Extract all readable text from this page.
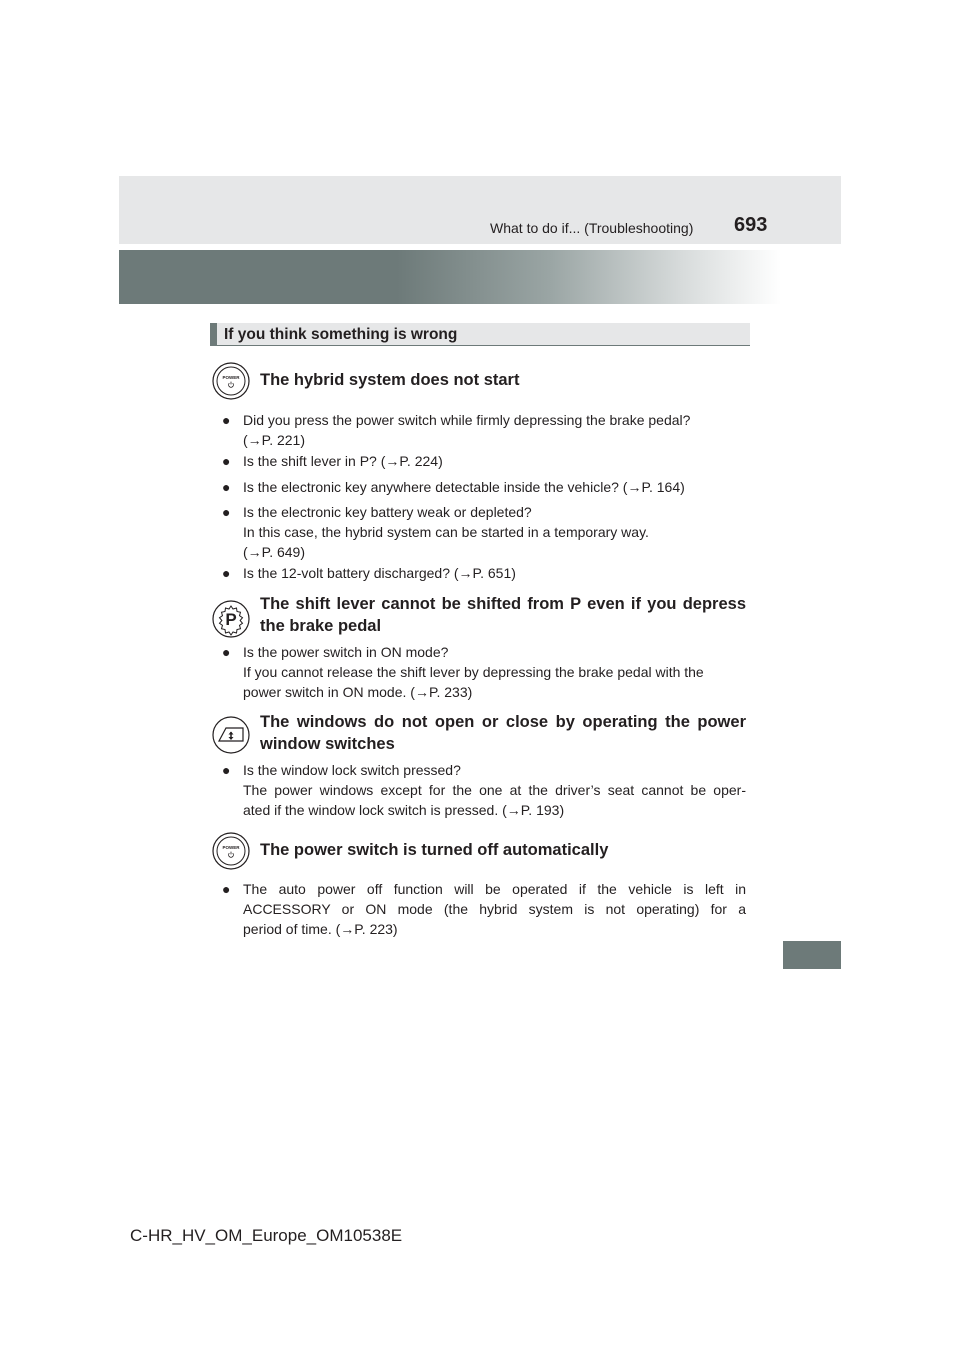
What to do if... (Troubleshooting) 693
If you think something is wrong
POWER The hybrid system does not start
● Did you press the power switch while firmly depressing the brake pedal?
(→P. 221)
● Is the shift lever in P? (→P. 224)
● Is the electronic key anywhere detectable inside the vehicle? (→P. 164)
● Is the electronic key battery weak or depleted?
In this case, the hybrid system can be started in a temporary way.
(→P. 649)
● Is the 12-volt battery discharged? (→P. 651)
P
The shift lever cannot be shifted from P even if you depress
the brake pedal
● Is the power switch in ON mode?
If you cannot release the shift lever by depressing the brake pedal with the
power switch in ON mode. (→P. 233)
The windows do not open or close by operating the power
window switches
● Is the window lock switch pressed?
The power windows except for the one at the driver’s seat cannot be oper-
ated if the window lock switch is pressed. (→P. 193)
POWER The power switch is turned off automatically
● The auto power off function will be operated if the vehicle is left in
ACCESSORY or ON mode (the hybrid system is not operating) for a
period of time. (→P. 223)
C-HR_HV_OM_Europe_OM10538E
